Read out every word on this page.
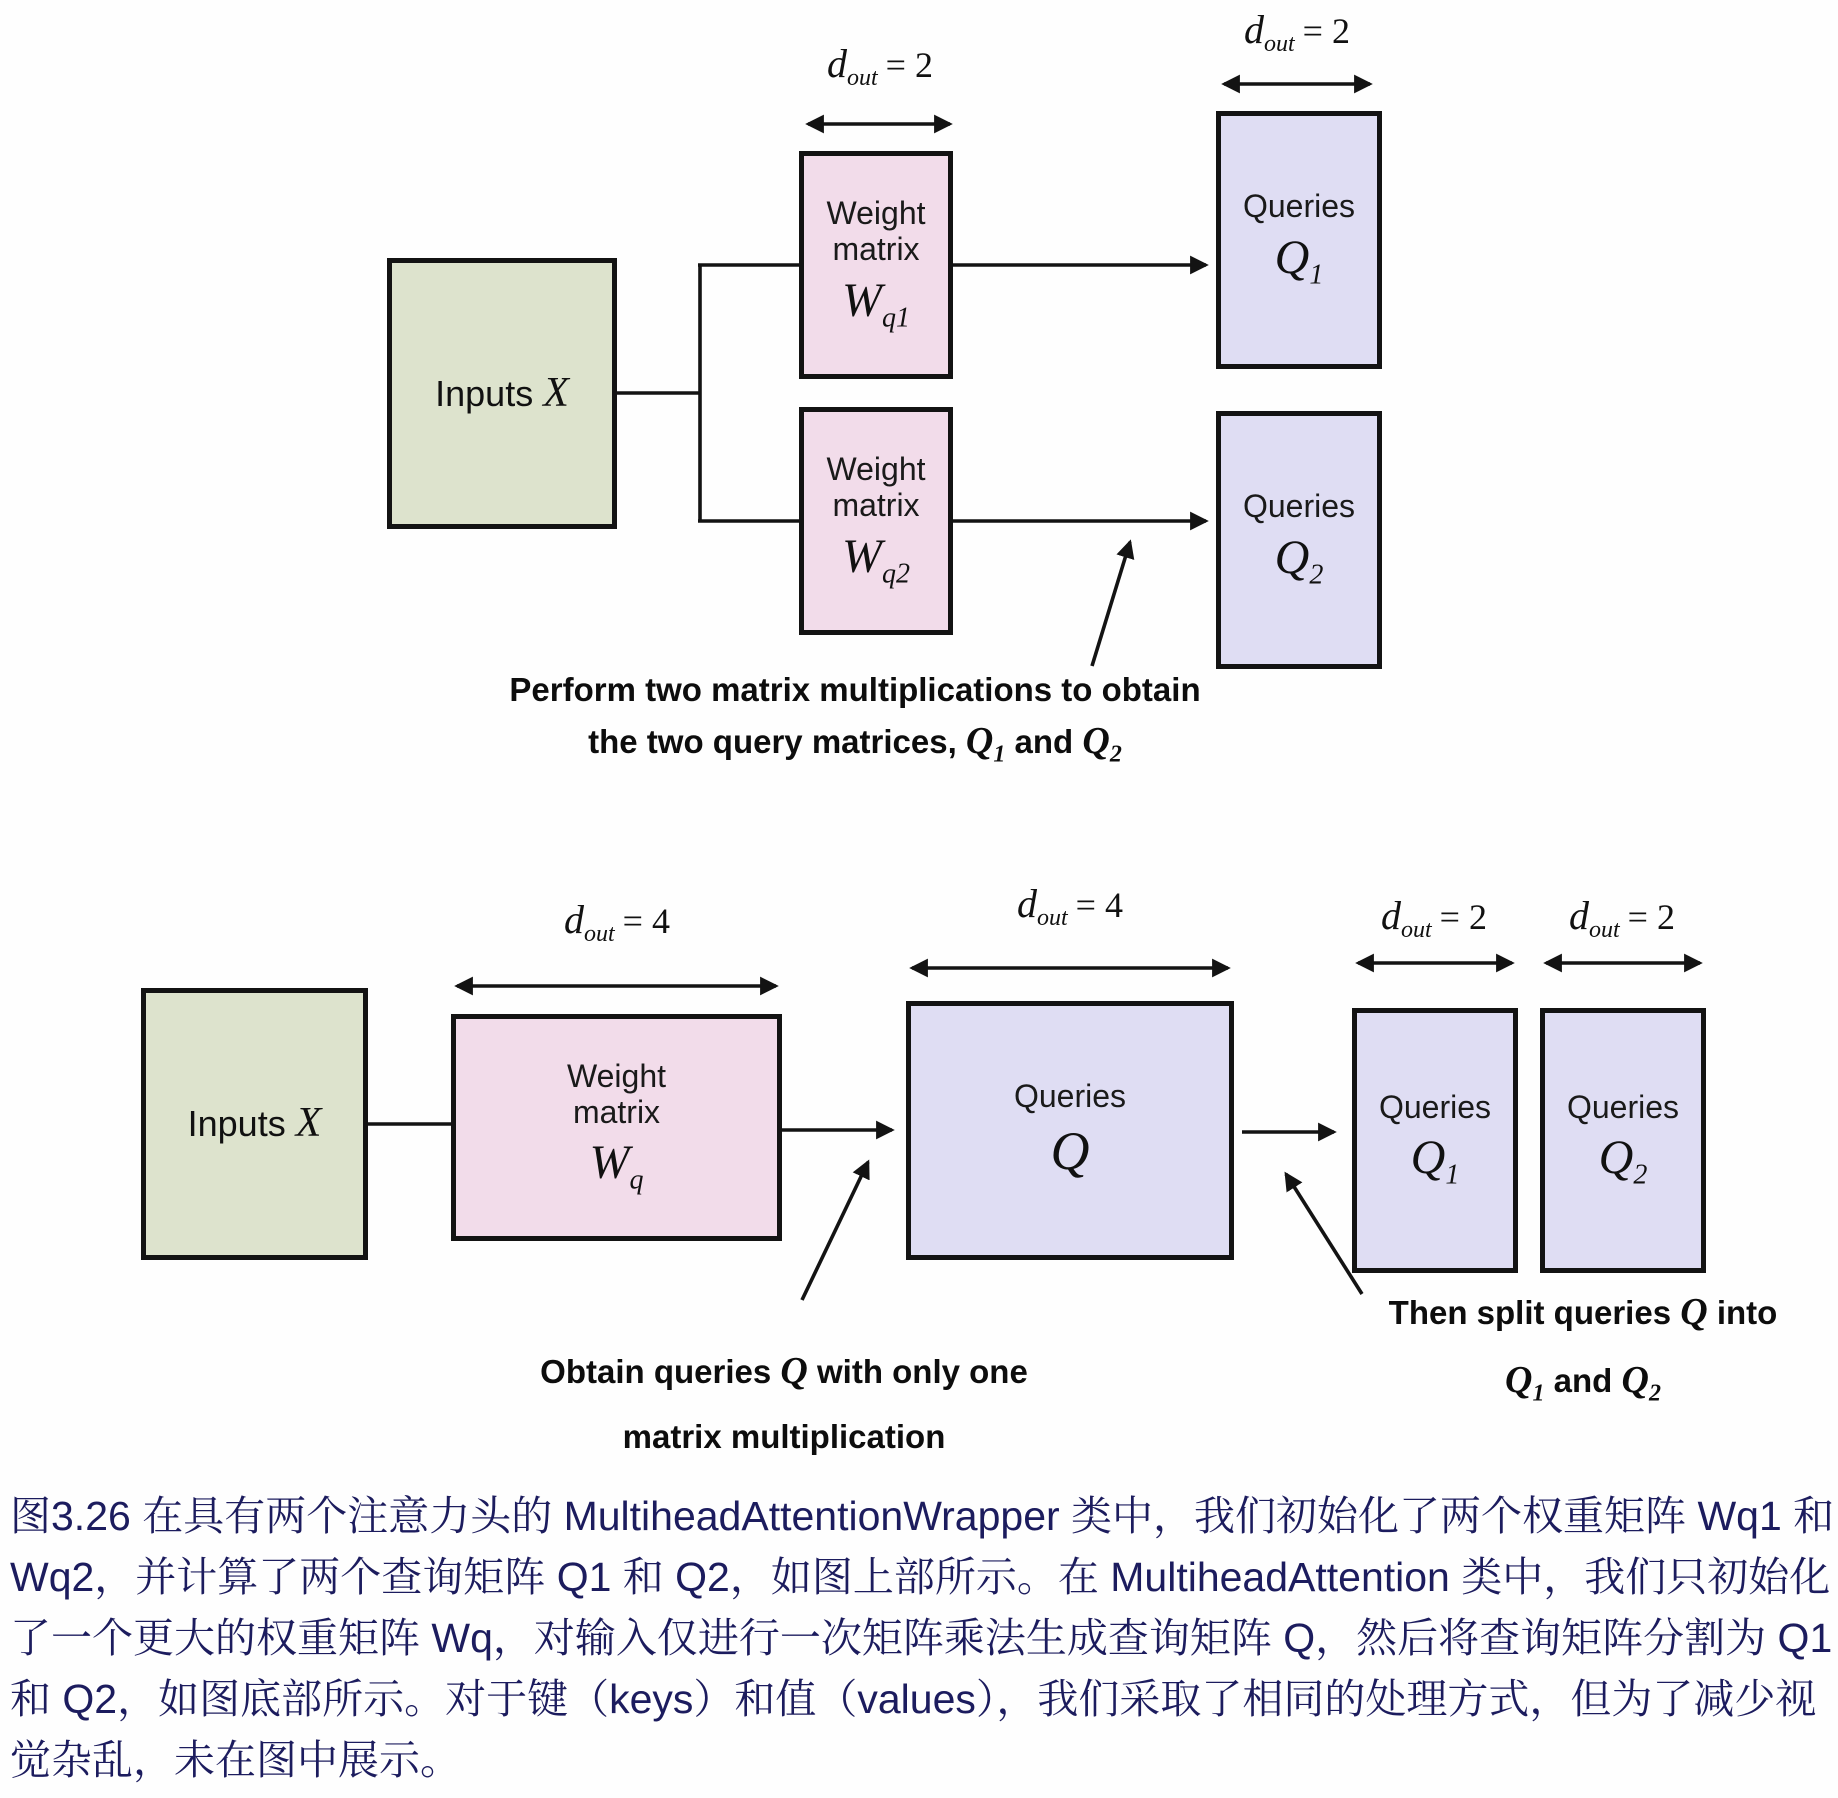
$d_{out} = 2$
$d_{out} = 2$
Inputs X
Weight
matrix
$W_{q1}$
Weight
matrix
$W_{q2}$
Queries
$Q_1$
Queries
$Q_2$
Perform two matrix multiplications to obtain
the two query matrices, $Q_1$ and $Q_2$
$d_{out} = 4$	$d_{out} = 4$	$d_{out} = 2$	$d_{out} = 2$
Inputs X
Weight
matrix
$W_q$
Queries
Q
Queries
$Q_1$
Queries
$Q_2$
Obtain queries Q with only one
matrix multiplication
Then split queries Q into
$Q_1$ and $Q_2$
图3.26 在具有两个注意力头的 MultiheadAttentionWrapper 类中，我们初始化了两个权重矩阵 Wq1 和
Wq2，并计算了两个查询矩阵 Q1 和 Q2，如图上部所示。在 MultiheadAttention 类中，我们只初始化
了一个更大的权重矩阵 Wq，对输入仅进行一次矩阵乘法生成查询矩阵 Q，然后将查询矩阵分割为 Q1
和 Q2，如图底部所示。对于键（keys）和值（values），我们采取了相同的处理方式，但为了减少视
觉杂乱，未在图中展示。
